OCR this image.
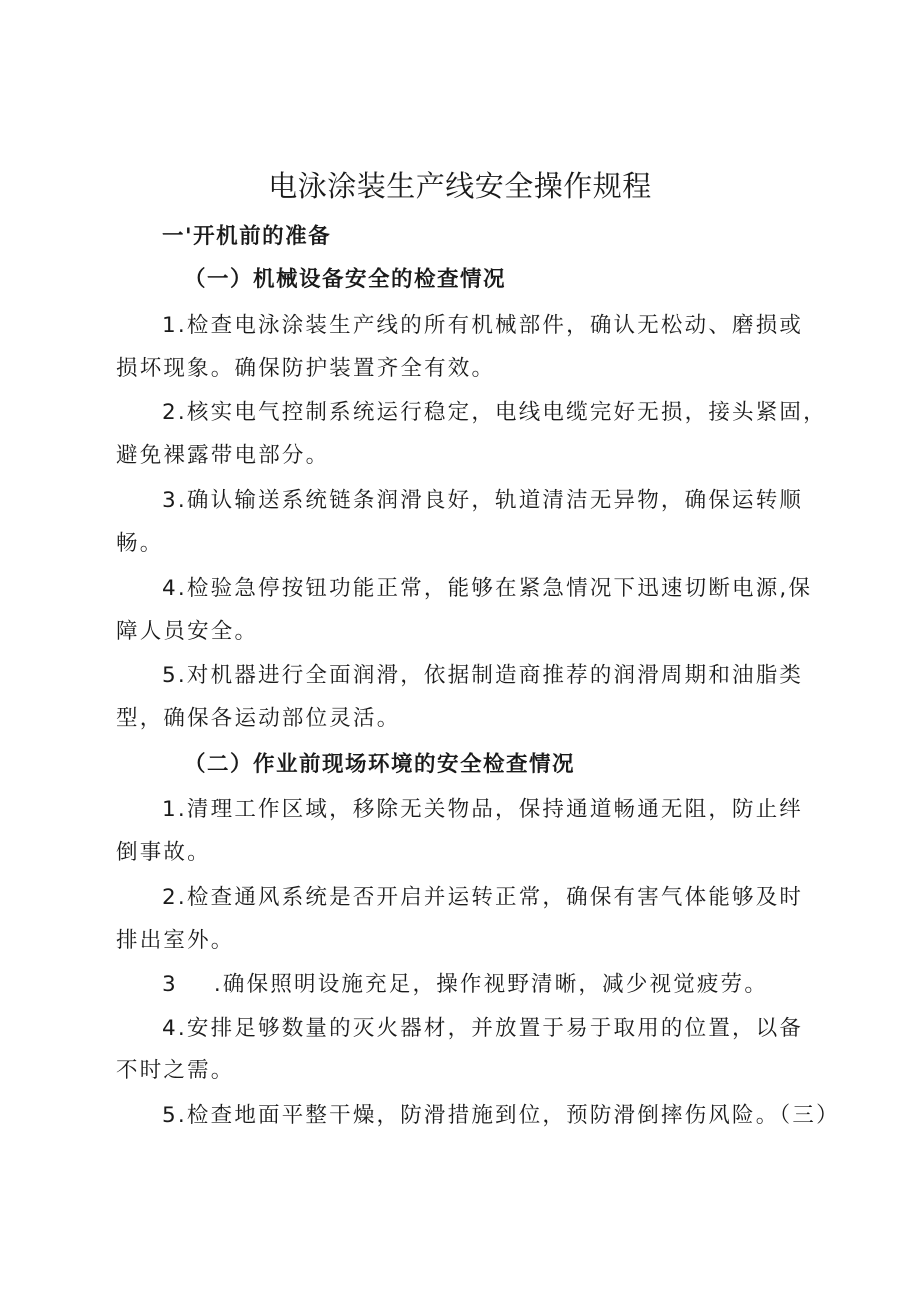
电泳涂装生产线安全操作规程
一'开机前的准备
（一）机械设备安全的检查情况
1.检查电泳涂装生产线的所有机械部件，确认无松动、磨损或
损坏现象。确保防护装置齐全有效。
2.核实电气控制系统运行稳定，电线电缆完好无损，接头紧固，
避免裸露带电部分。
3.确认输送系统链条润滑良好，轨道清洁无异物，确保运转顺
畅。
4.检验急停按钮功能正常，能够在紧急情况下迅速切断电源,保
障人员安全。
5.对机器进行全面润滑，依据制造商推荐的润滑周期和油脂类
型，确保各运动部位灵活。
（二）作业前现场环境的安全检查情况
1.清理工作区域，移除无关物品，保持通道畅通无阻，防止绊
倒事故。
2.检查通风系统是否开启并运转正常，确保有害气体能够及时
排出室外。
3 .确保照明设施充足，操作视野清晰，减少视觉疲劳。
4.安排足够数量的灭火器材，并放置于易于取用的位置，以备
不时之需。
5.检查地面平整干燥，防滑措施到位，预防滑倒摔伤风险。（三）
